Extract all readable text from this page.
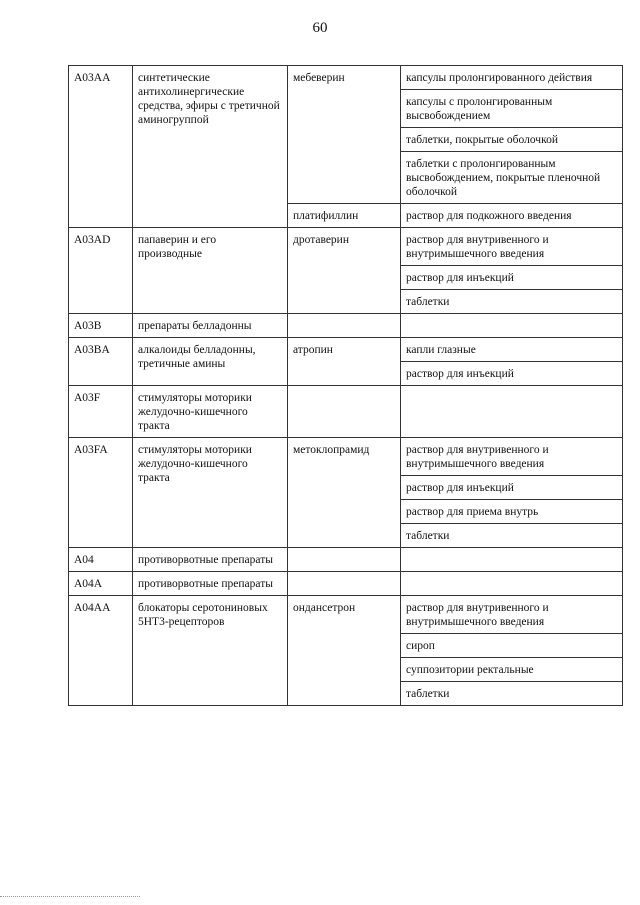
60
A03AA	синтетические антихолинергические средства, эфиры с третичной аминогруппой	мебеверин	капсулы пролонгированного действия
			капсулы с пролонгированным высвобождением
			таблетки, покрытые оболочкой
			таблетки с пролонгированным высвобождением, покрытые пленочной оболочкой
		платифиллин	раствор для подкожного введения
A03AD	папаверин и его производные	дротаверин	раствор для внутривенного и внутримышечного введения
			раствор для инъекций
			таблетки
A03B	препараты белладонны		
A03BA	алкалоиды белладонны, третичные амины	атропин	капли глазные
			раствор для инъекций
A03F	стимуляторы моторики желудочно-кишечного тракта		
A03FA	стимуляторы моторики желудочно-кишечного тракта	метоклопрамид	раствор для внутривенного и внутримышечного введения
			раствор для инъекций
			раствор для приема внутрь
			таблетки
A04	противорвотные препараты		
A04A	противорвотные препараты		
A04AA	блокаторы серотониновых 5HT3-рецепторов	ондансетрон	раствор для внутривенного и внутримышечного введения
			сироп
			суппозитории ректальные
			таблетки
